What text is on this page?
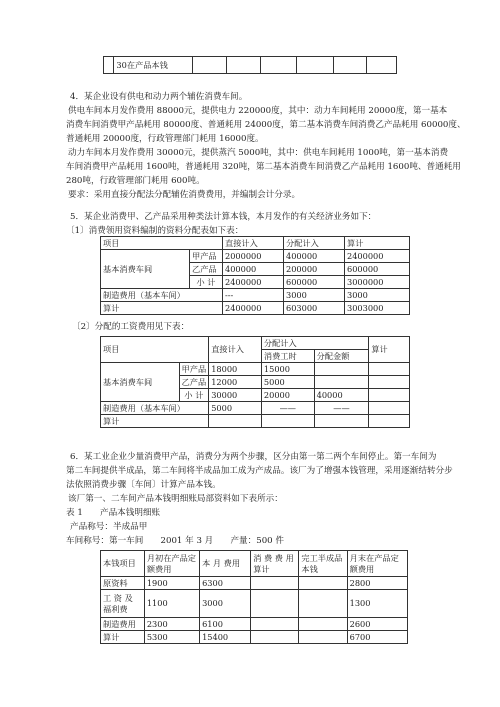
	30在产品本钱						

4．某企业设有供电和动力两个辅佐消费车间。

供电车间本月发作费用 88000元，提供电力 220000度，其中：动力车间耗用 20000度，第一基本

消费车间消费甲产品耗用 80000度、普通耗用 24000度，第二基本消费车间消费乙产品耗用 60000度、

普通耗用 20000度，行政管理部门耗用 16000度。

动力车间本月发作费用 30000元，提供蒸汽 5000吨，其中：供电车间耗用 1000吨，第一基本消费

车间消费甲产品耗用 1600吨，普通耗用 320吨，第二基本消费车间消费乙产品耗用 1600吨、普通耗用

280吨，行政管理部门耗用 600吨。

要求：采用直接分配法分配辅佐消费费用，并编制会计分录。

5．某企业消费甲、乙产品采用种类法计算本钱，本月发作的有关经济业务如下：

〔1〕消费领用资料编制的资料分配表如下表：

项目		直接计入	分配计入	算计
基本消费车间	甲产品	2000000	400000	2400000
	乙产品	400000	200000	600000
	小 计	2400000	600000	3000000
制造费用（基本车间）		---	3000	3000
算计		2400000	603000	3003000

〔2〕分配的工资费用见下表：

项目		直接计入	分配计入		算计
			消费工时	分配金额	
基本消费车间	甲产品	18000	15000		
	乙产品	12000	5000		
	小 计	30000	20000	40000	
制造费用（基本车间）		5000	——	——	
算计					

6．某工业企业少量消费甲产品，消费分为两个步骤，区分由第一第二两个车间停止。第一车间为

第二车间提供半成品，第二车间将半成品加工成为产成品。该厂为了增强本钱管理，采用逐渐结转分步

法依照消费步骤〔车间〕计算产品本钱。

该厂第一、二车间产品本钱明细账局部资料如下表所示：

表 1　　产品本钱明细账

产品称号：半成品甲

车间称号：第一车间　　2001 年 3 月　　产量：500 件

本钱项目	月初在产品定额费用	本 月 费用	消 费 费 用算计	完工半成品本钱	月末在产品定额费用
原资料	1900	6300			2800
工 资 及 福利费	1100	3000			1300
制造费用	2300	6100			2600
算计	5300	15400			6700
